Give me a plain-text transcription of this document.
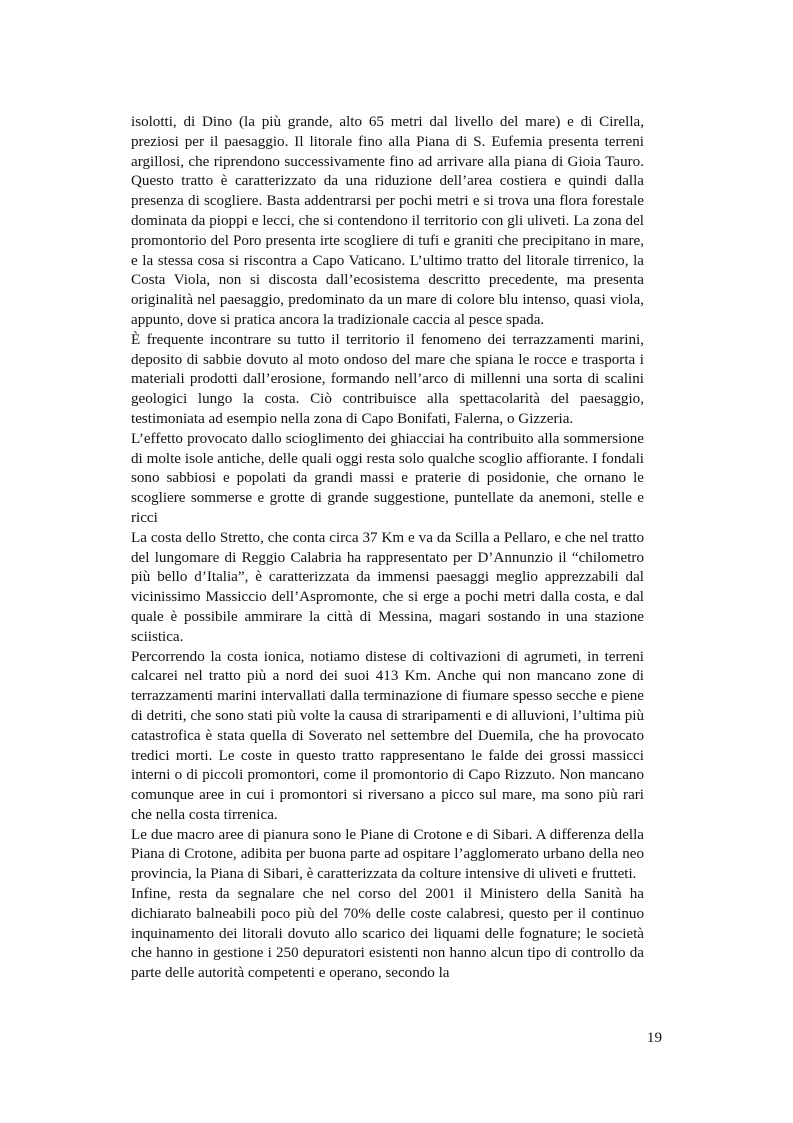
isolotti, di Dino (la più grande, alto 65 metri dal livello del mare) e di Cirella, preziosi per il paesaggio. Il litorale fino alla Piana di S. Eufemia presenta terreni argillosi, che riprendono successivamente fino ad arrivare alla piana di Gioia Tauro. Questo tratto è caratterizzato da una riduzione dell’area costiera e quindi dalla presenza di scogliere. Basta addentrarsi per pochi metri e si trova una flora forestale dominata da pioppi e lecci, che si contendono il territorio con gli uliveti. La zona del promontorio del Poro presenta irte scogliere di tufi e graniti che precipitano in mare, e la stessa cosa si riscontra a Capo Vaticano. L’ultimo tratto del litorale tirrenico, la Costa Viola, non si discosta dall’ecosistema descritto precedente, ma presenta originalità nel paesaggio, predominato da un mare di colore blu intenso, quasi viola, appunto, dove si pratica ancora la tradizionale caccia al pesce spada.

È frequente incontrare su tutto il territorio il fenomeno dei terrazzamenti marini, deposito di sabbie dovuto al moto ondoso del mare che spiana le rocce e trasporta i materiali prodotti dall’erosione, formando nell’arco di millenni una sorta di scalini geologici lungo la costa. Ciò contribuisce alla spettacolarità del paesaggio, testimoniata ad esempio nella zona di Capo Bonifati, Falerna, o Gizzeria.

L’effetto provocato dallo scioglimento dei ghiacciai ha contribuito alla sommersione di molte isole antiche, delle quali oggi resta solo qualche scoglio affiorante. I fondali sono sabbiosi e popolati da grandi massi e praterie di posidonie, che ornano le scogliere sommerse e grotte di grande suggestione, puntellate da anemoni, stelle e ricci

La costa dello Stretto, che conta circa 37 Km e va da Scilla a Pellaro, e che nel tratto del lungomare di Reggio Calabria ha rappresentato per D’Annunzio il “chilometro più bello d’Italia”, è caratterizzata da immensi paesaggi meglio apprezzabili dal vicinissimo Massiccio dell’Aspromonte, che si erge a pochi metri dalla costa, e dal quale è possibile ammirare la città di Messina, magari sostando in una stazione sciistica.

Percorrendo la costa ionica, notiamo distese di coltivazioni di agrumeti, in terreni calcarei nel tratto più a nord dei suoi 413 Km. Anche qui non mancano zone di terrazzamenti marini intervallati dalla terminazione di fiumare spesso secche e piene di detriti, che sono stati più volte la causa di straripamenti e di alluvioni, l’ultima più catastrofica è stata quella di Soverato nel settembre del Duemila, che ha provocato tredici morti. Le coste in questo tratto rappresentano le falde dei grossi massicci interni o di piccoli promontori, come il promontorio di Capo Rizzuto. Non mancano comunque aree in cui i promontori si riversano a picco sul mare, ma sono più rari che nella costa tirrenica.

Le due macro aree di pianura sono le Piane di Crotone e di Sibari. A differenza della Piana di Crotone, adibita per buona parte ad ospitare l’agglomerato urbano della neo provincia, la Piana di Sibari, è caratterizzata da colture intensive di uliveti e frutteti.

Infine, resta da segnalare che nel corso del 2001 il Ministero della Sanità ha dichiarato balneabili poco più del 70% delle coste calabresi, questo per il continuo inquinamento dei litorali dovuto allo scarico dei liquami delle fognature; le società che hanno in gestione i 250 depuratori esistenti non hanno alcun tipo di controllo da parte delle autorità competenti e operano, secondo la

19
